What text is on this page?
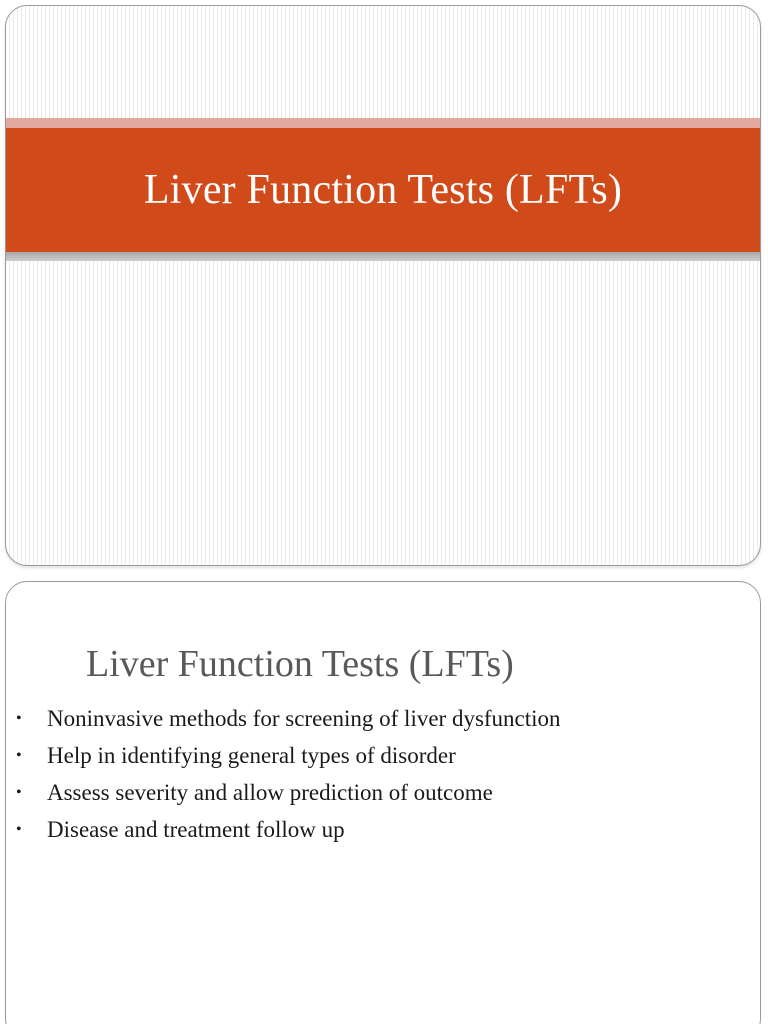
Liver Function Tests (LFTs)
Liver Function Tests (LFTs)
• Noninvasive methods for screening of liver dysfunction
• Help in identifying general types of disorder
• Assess severity and allow prediction of outcome
• Disease and treatment follow up
